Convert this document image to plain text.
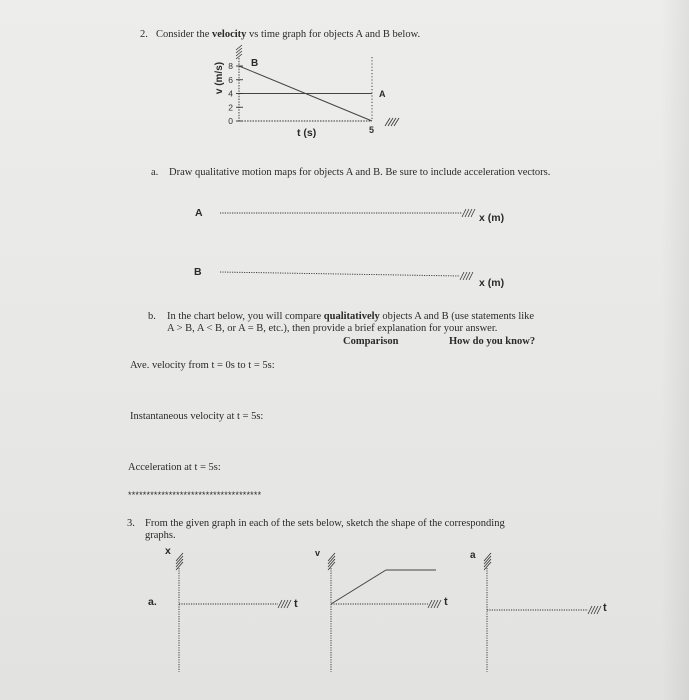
2. Consider the velocity vs time graph for objects A and B below.
8
6
4
2
0
5
v (m/s)
t (s)
B
A
a. Draw qualitative motion maps for objects A and B. Be sure to include acceleration vectors.
A	x (m)
B
x (m)
b. In the chart below, you will compare qualitatively objects A and B (use statements like
A > B, A < B, or A = B, etc.), then provide a brief explanation for your answer.
Comparison	How do you know?
Ave. velocity from t = 0s to t = 5s:
Instantaneous velocity at t = 5s:
Acceleration at t = 5s:
************************************
3. From the given graph in each of the sets below, sketch the shape of the corresponding
graphs.
x	v	a
a.	t	t	t
